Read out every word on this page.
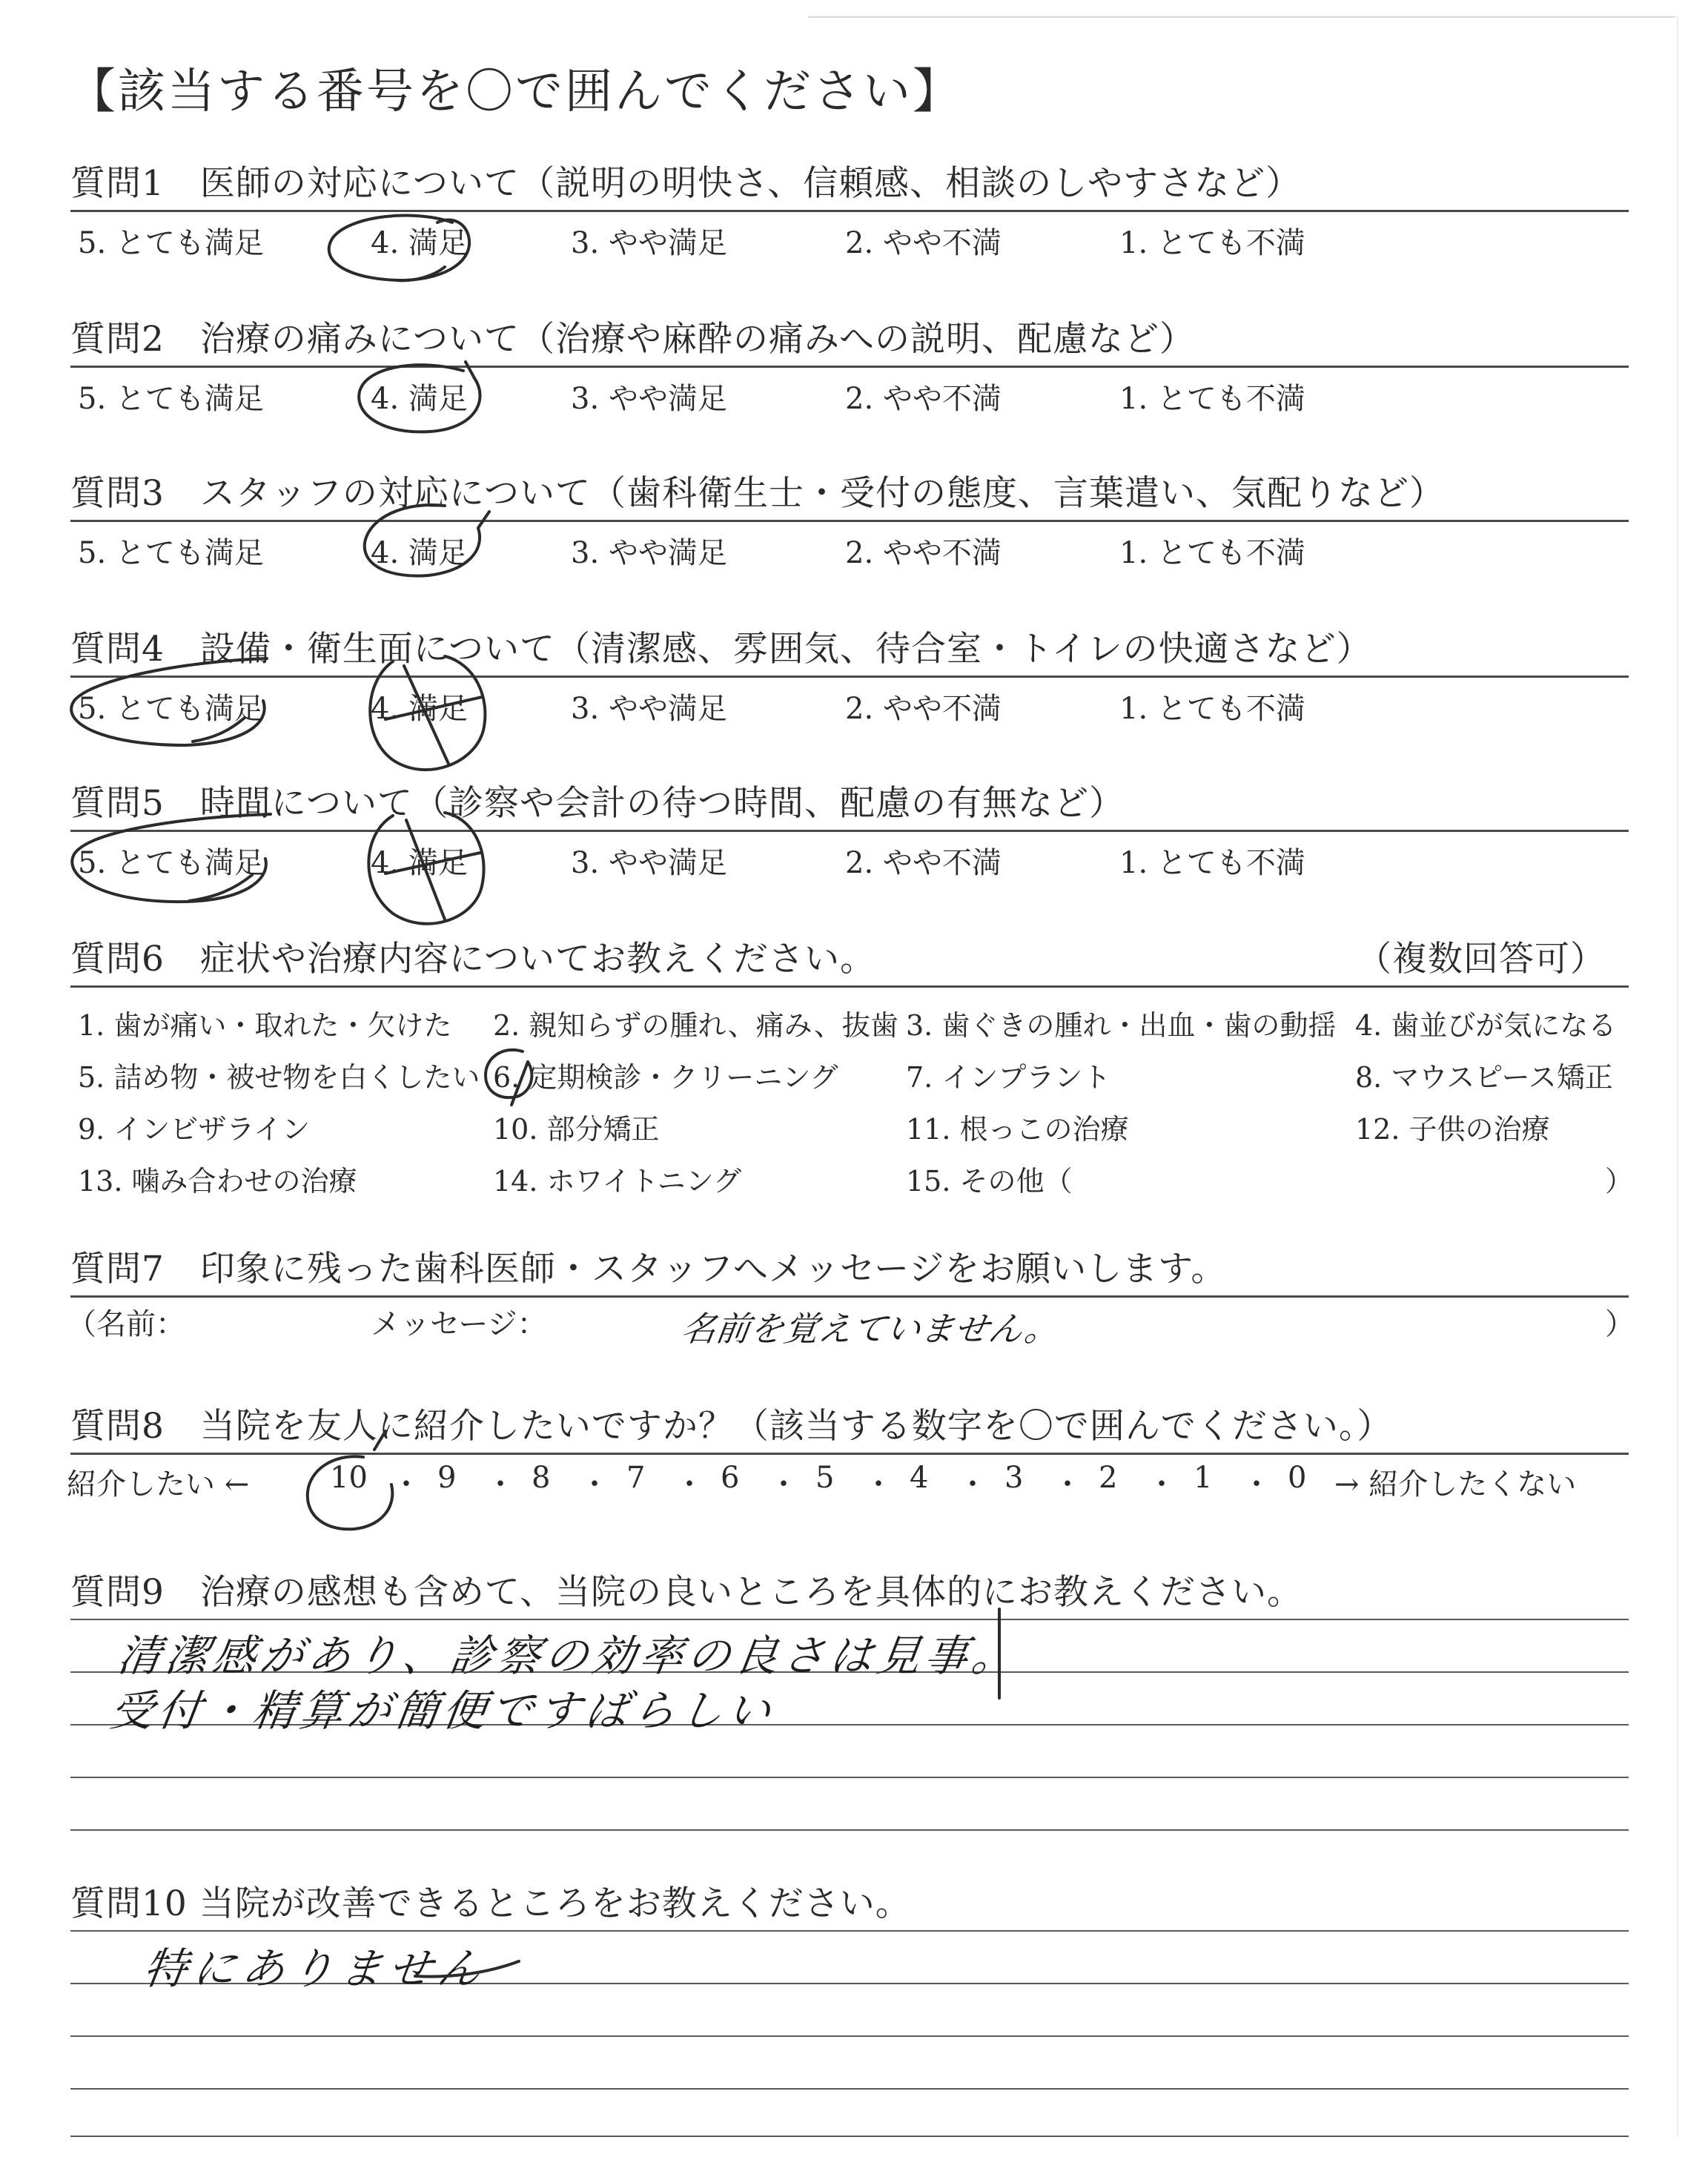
【該当する番号を〇で囲んでください】
質問1　医師の対応について（説明の明快さ、信頼感、相談のしやすさなど）
5. とても満足	4. 満足	3. やや満足	2. やや不満	1. とても不満
質問2　治療の痛みについて（治療や麻酔の痛みへの説明、配慮など）
5. とても満足	4. 満足	3. やや満足	2. やや不満	1. とても不満
質問3　スタッフの対応について（歯科衛生士・受付の態度、言葉遣い、気配りなど）
5. とても満足	4. 満足	3. やや満足	2. やや不満	1. とても不満
質問4　設備・衛生面について（清潔感、雰囲気、待合室・トイレの快適さなど）
5. とても満足	4. 満足	3. やや満足	2. やや不満	1. とても不満
質問5　時間について（診察や会計の待つ時間、配慮の有無など）
5. とても満足	4. 満足	3. やや満足	2. やや不満	1. とても不満
質問6　症状や治療内容についてお教えください。	（複数回答可）
1. 歯が痛い・取れた・欠けた 2. 親知らずの腫れ、痛み、抜歯 3. 歯ぐきの腫れ・出血・歯の動揺 4. 歯並びが気になる
5. 詰め物・被せ物を白くしたい 6. 定期検診・クリーニング 7. インプラント	8. マウスピース矯正
9. インビザライン	10. 部分矯正	11. 根っこの治療	12. 子供の治療
13. 噛み合わせの治療	14. ホワイトニング	15. その他（	）
質問7　印象に残った歯科医師・スタッフへメッセージをお願いします。
（名前：	メッセージ：	名前を覚えていません。	）
質問8　当院を友人に紹介したいですか？（該当する数字を〇で囲んでください。）
紹介したい ←	10 ・ 9 ・ 8 ・ 7 ・ 6 ・ 5 ・ 4 ・ 3 ・ 2 ・ 1 ・ 0 → 紹介したくない
質問9　治療の感想も含めて、当院の良いところを具体的にお教えください。
清潔感があり、診察の効率の良さは見事。
受付・精算が簡便ですばらしい
質問10 当院が改善できるところをお教えください。
特にありません
